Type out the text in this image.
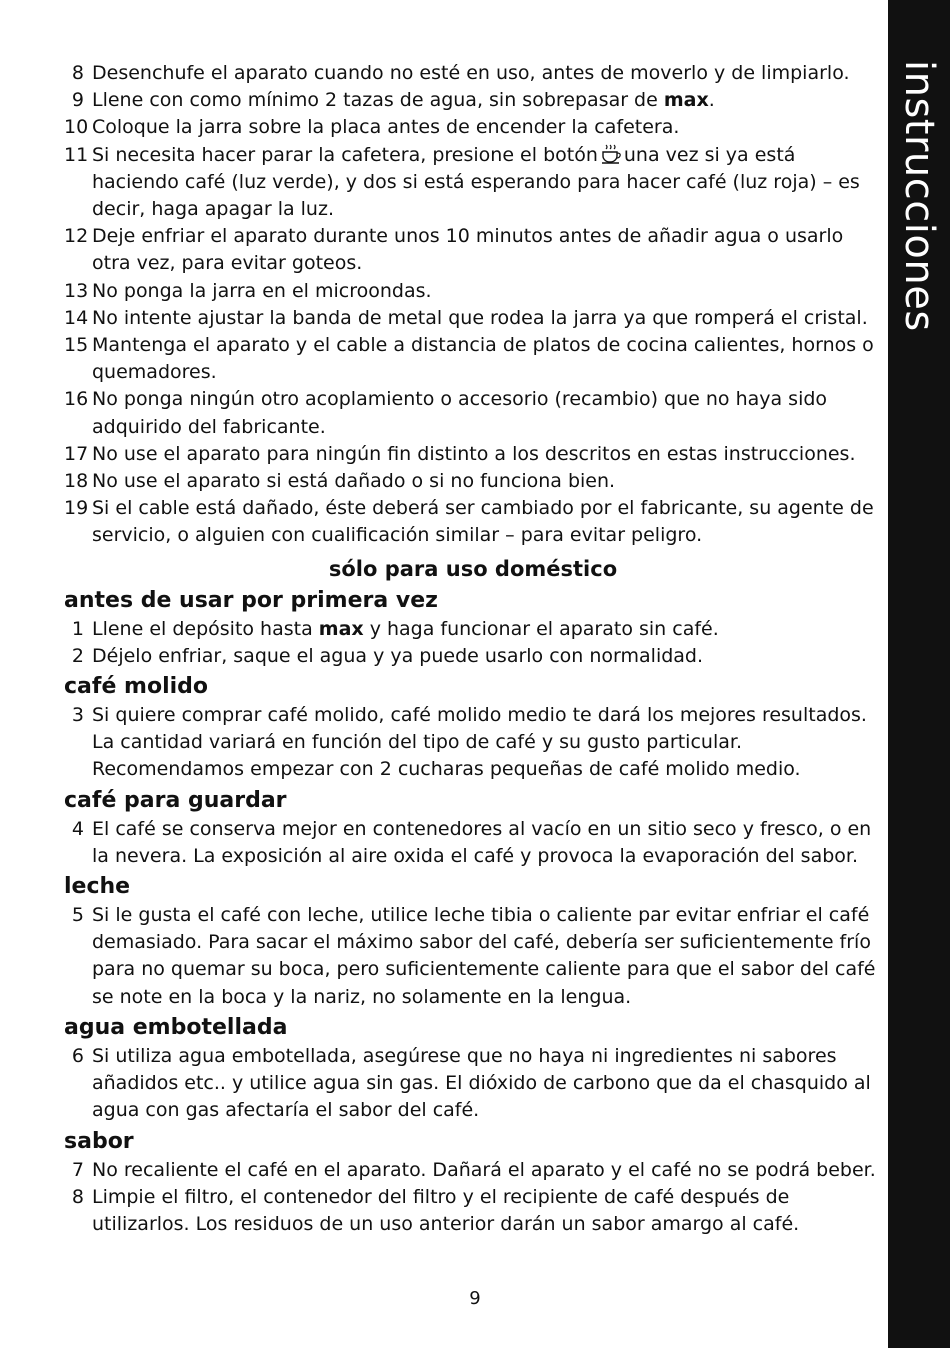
instrucciones
8 Desenchufe el aparato cuando no esté en uso, antes de moverlo y de limpiarlo.
9 Llene con como mínimo 2 tazas de agua, sin sobrepasar de max.
10 Coloque la jarra sobre la placa antes de encender la cafetera.
11 Si necesita hacer parar la cafetera, presione el botón una vez si ya está haciendo café (luz verde), y dos si está esperando para hacer café (luz roja) – es decir, haga apagar la luz.
12 Deje enfriar el aparato durante unos 10 minutos antes de añadir agua o usarlo otra vez, para evitar goteos.
13 No ponga la jarra en el microondas.
14 No intente ajustar la banda de metal que rodea la jarra ya que romperá el cristal.
15 Mantenga el aparato y el cable a distancia de platos de cocina calientes, hornos o quemadores.
16 No ponga ningún otro acoplamiento o accesorio (recambio) que no haya sido adquirido del fabricante.
17 No use el aparato para ningún fin distinto a los descritos en estas instrucciones.
18 No use el aparato si está dañado o si no funciona bien.
19 Si el cable está dañado, éste deberá ser cambiado por el fabricante, su agente de servicio, o alguien con cualificación similar – para evitar peligro.
sólo para uso doméstico
antes de usar por primera vez
1 Llene el depósito hasta max y haga funcionar el aparato sin café.
2 Déjelo enfriar, saque el agua y ya puede usarlo con normalidad.
café molido
3 Si quiere comprar café molido, café molido medio te dará los mejores resultados. La cantidad variará en función del tipo de café y su gusto particular. Recomendamos empezar con 2 cucharas pequeñas de café molido medio.
café para guardar
4 El café se conserva mejor en contenedores al vacío en un sitio seco y fresco, o en la nevera. La exposición al aire oxida el café y provoca la evaporación del sabor.
leche
5 Si le gusta el café con leche, utilice leche tibia o caliente par evitar enfriar el café demasiado. Para sacar el máximo sabor del café, debería ser suficientemente frío para no quemar su boca, pero suficientemente caliente para que el sabor del café se note en la boca y la nariz, no solamente en la lengua.
agua embotellada
6 Si utiliza agua embotellada, asegúrese que no haya ni ingredientes ni sabores añadidos etc.. y utilice agua sin gas. El dióxido de carbono que da el chasquido al agua con gas afectaría el sabor del café.
sabor
7 No recaliente el café en el aparato. Dañará el aparato y el café no se podrá beber.
8 Limpie el filtro, el contenedor del filtro y el recipiente de café después de utilizarlos. Los residuos de un uso anterior darán un sabor amargo al café.
9
